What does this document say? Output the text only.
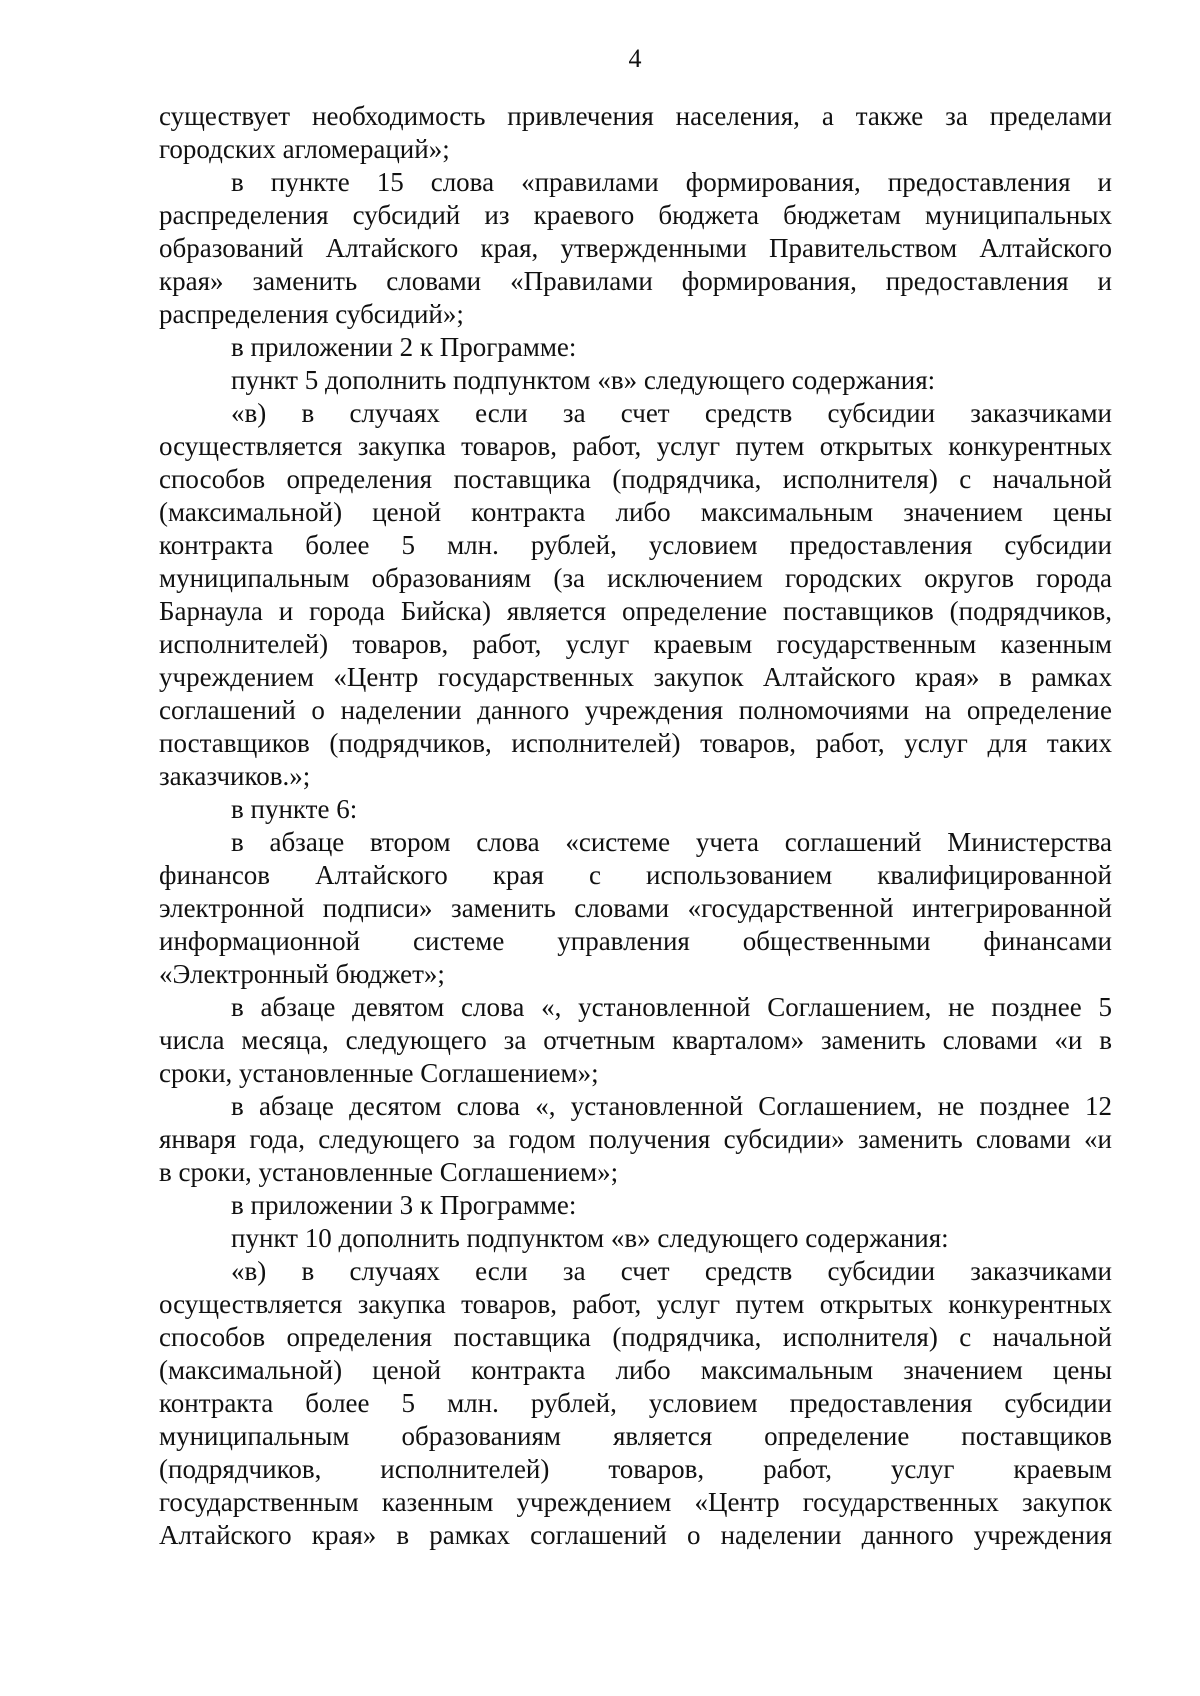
4

существует необходимость привлечения населения, а также за пределами

городских агломераций»;

в пункте 15 слова «правилами формирования, предоставления и

распределения субсидий из краевого бюджета бюджетам муниципальных

образований Алтайского края, утвержденными Правительством Алтайского

края» заменить словами «Правилами формирования, предоставления и

распределения субсидий»;

в приложении 2 к Программе:

пункт 5 дополнить подпунктом «в» следующего содержания:

«в) в случаях если за счет средств субсидии заказчиками

осуществляется закупка товаров, работ, услуг путем открытых конкурентных

способов определения поставщика (подрядчика, исполнителя) с начальной

(максимальной) ценой контракта либо максимальным значением цены

контракта более 5 млн. рублей, условием предоставления субсидии

муниципальным образованиям (за исключением городских округов города

Барнаула и города Бийска) является определение поставщиков (подрядчиков,

исполнителей) товаров, работ, услуг краевым государственным казенным

учреждением «Центр государственных закупок Алтайского края» в рамках

соглашений о наделении данного учреждения полномочиями на определение

поставщиков (подрядчиков, исполнителей) товаров, работ, услуг для таких

заказчиков.»;

в пункте 6:

в абзаце втором слова «системе учета соглашений Министерства

финансов Алтайского края с использованием квалифицированной

электронной подписи» заменить словами «государственной интегрированной

информационной системе управления общественными финансами

«Электронный бюджет»;

в абзаце девятом слова «, установленной Соглашением, не позднее 5

числа месяца, следующего за отчетным кварталом» заменить словами «и в

сроки, установленные Соглашением»;

в абзаце десятом слова «, установленной Соглашением, не позднее 12

января года, следующего за годом получения субсидии» заменить словами «и

в сроки, установленные Соглашением»;

в приложении 3 к Программе:

пункт 10 дополнить подпунктом «в» следующего содержания:

«в) в случаях если за счет средств субсидии заказчиками

осуществляется закупка товаров, работ, услуг путем открытых конкурентных

способов определения поставщика (подрядчика, исполнителя) с начальной

(максимальной) ценой контракта либо максимальным значением цены

контракта более 5 млн. рублей, условием предоставления субсидии

муниципальным образованиям является определение поставщиков

(подрядчиков, исполнителей) товаров, работ, услуг краевым

государственным казенным учреждением «Центр государственных закупок

Алтайского края» в рамках соглашений о наделении данного учреждения
